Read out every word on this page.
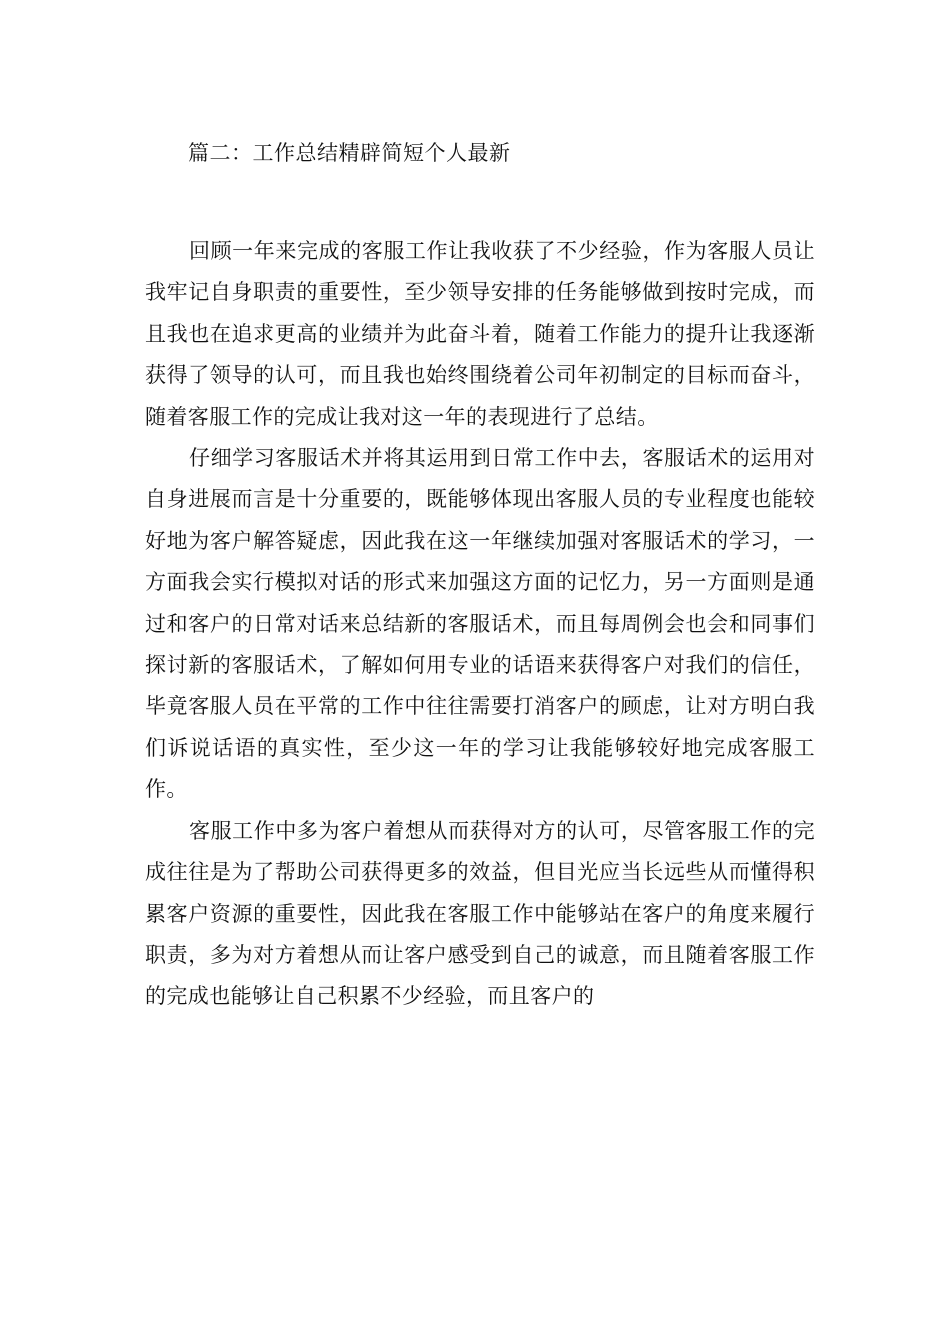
篇二：工作总结精辟简短个人最新

回顾一年来完成的客服工作让我收获了不少经验，作为客服人员让我牢记自身职责的重要性，至少领导安排的任务能够做到按时完成，而且我也在追求更高的业绩并为此奋斗着，随着工作能力的提升让我逐渐获得了领导的认可，而且我也始终围绕着公司年初制定的目标而奋斗，随着客服工作的完成让我对这一年的表现进行了总结。

仔细学习客服话术并将其运用到日常工作中去，客服话术的运用对自身进展而言是十分重要的，既能够体现出客服人员的专业程度也能较好地为客户解答疑虑，因此我在这一年继续加强对客服话术的学习，一方面我会实行模拟对话的形式来加强这方面的记忆力，另一方面则是通过和客户的日常对话来总结新的客服话术，而且每周例会也会和同事们探讨新的客服话术，了解如何用专业的话语来获得客户对我们的信任，毕竟客服人员在平常的工作中往往需要打消客户的顾虑，让对方明白我们诉说话语的真实性，至少这一年的学习让我能够较好地完成客服工作。

客服工作中多为客户着想从而获得对方的认可，尽管客服工作的完成往往是为了帮助公司获得更多的效益，但目光应当长远些从而懂得积累客户资源的重要性，因此我在客服工作中能够站在客户的角度来履行职责，多为对方着想从而让客户感受到自己的诚意，而且随着客服工作的完成也能够让自己积累不少经验，而且客户的
